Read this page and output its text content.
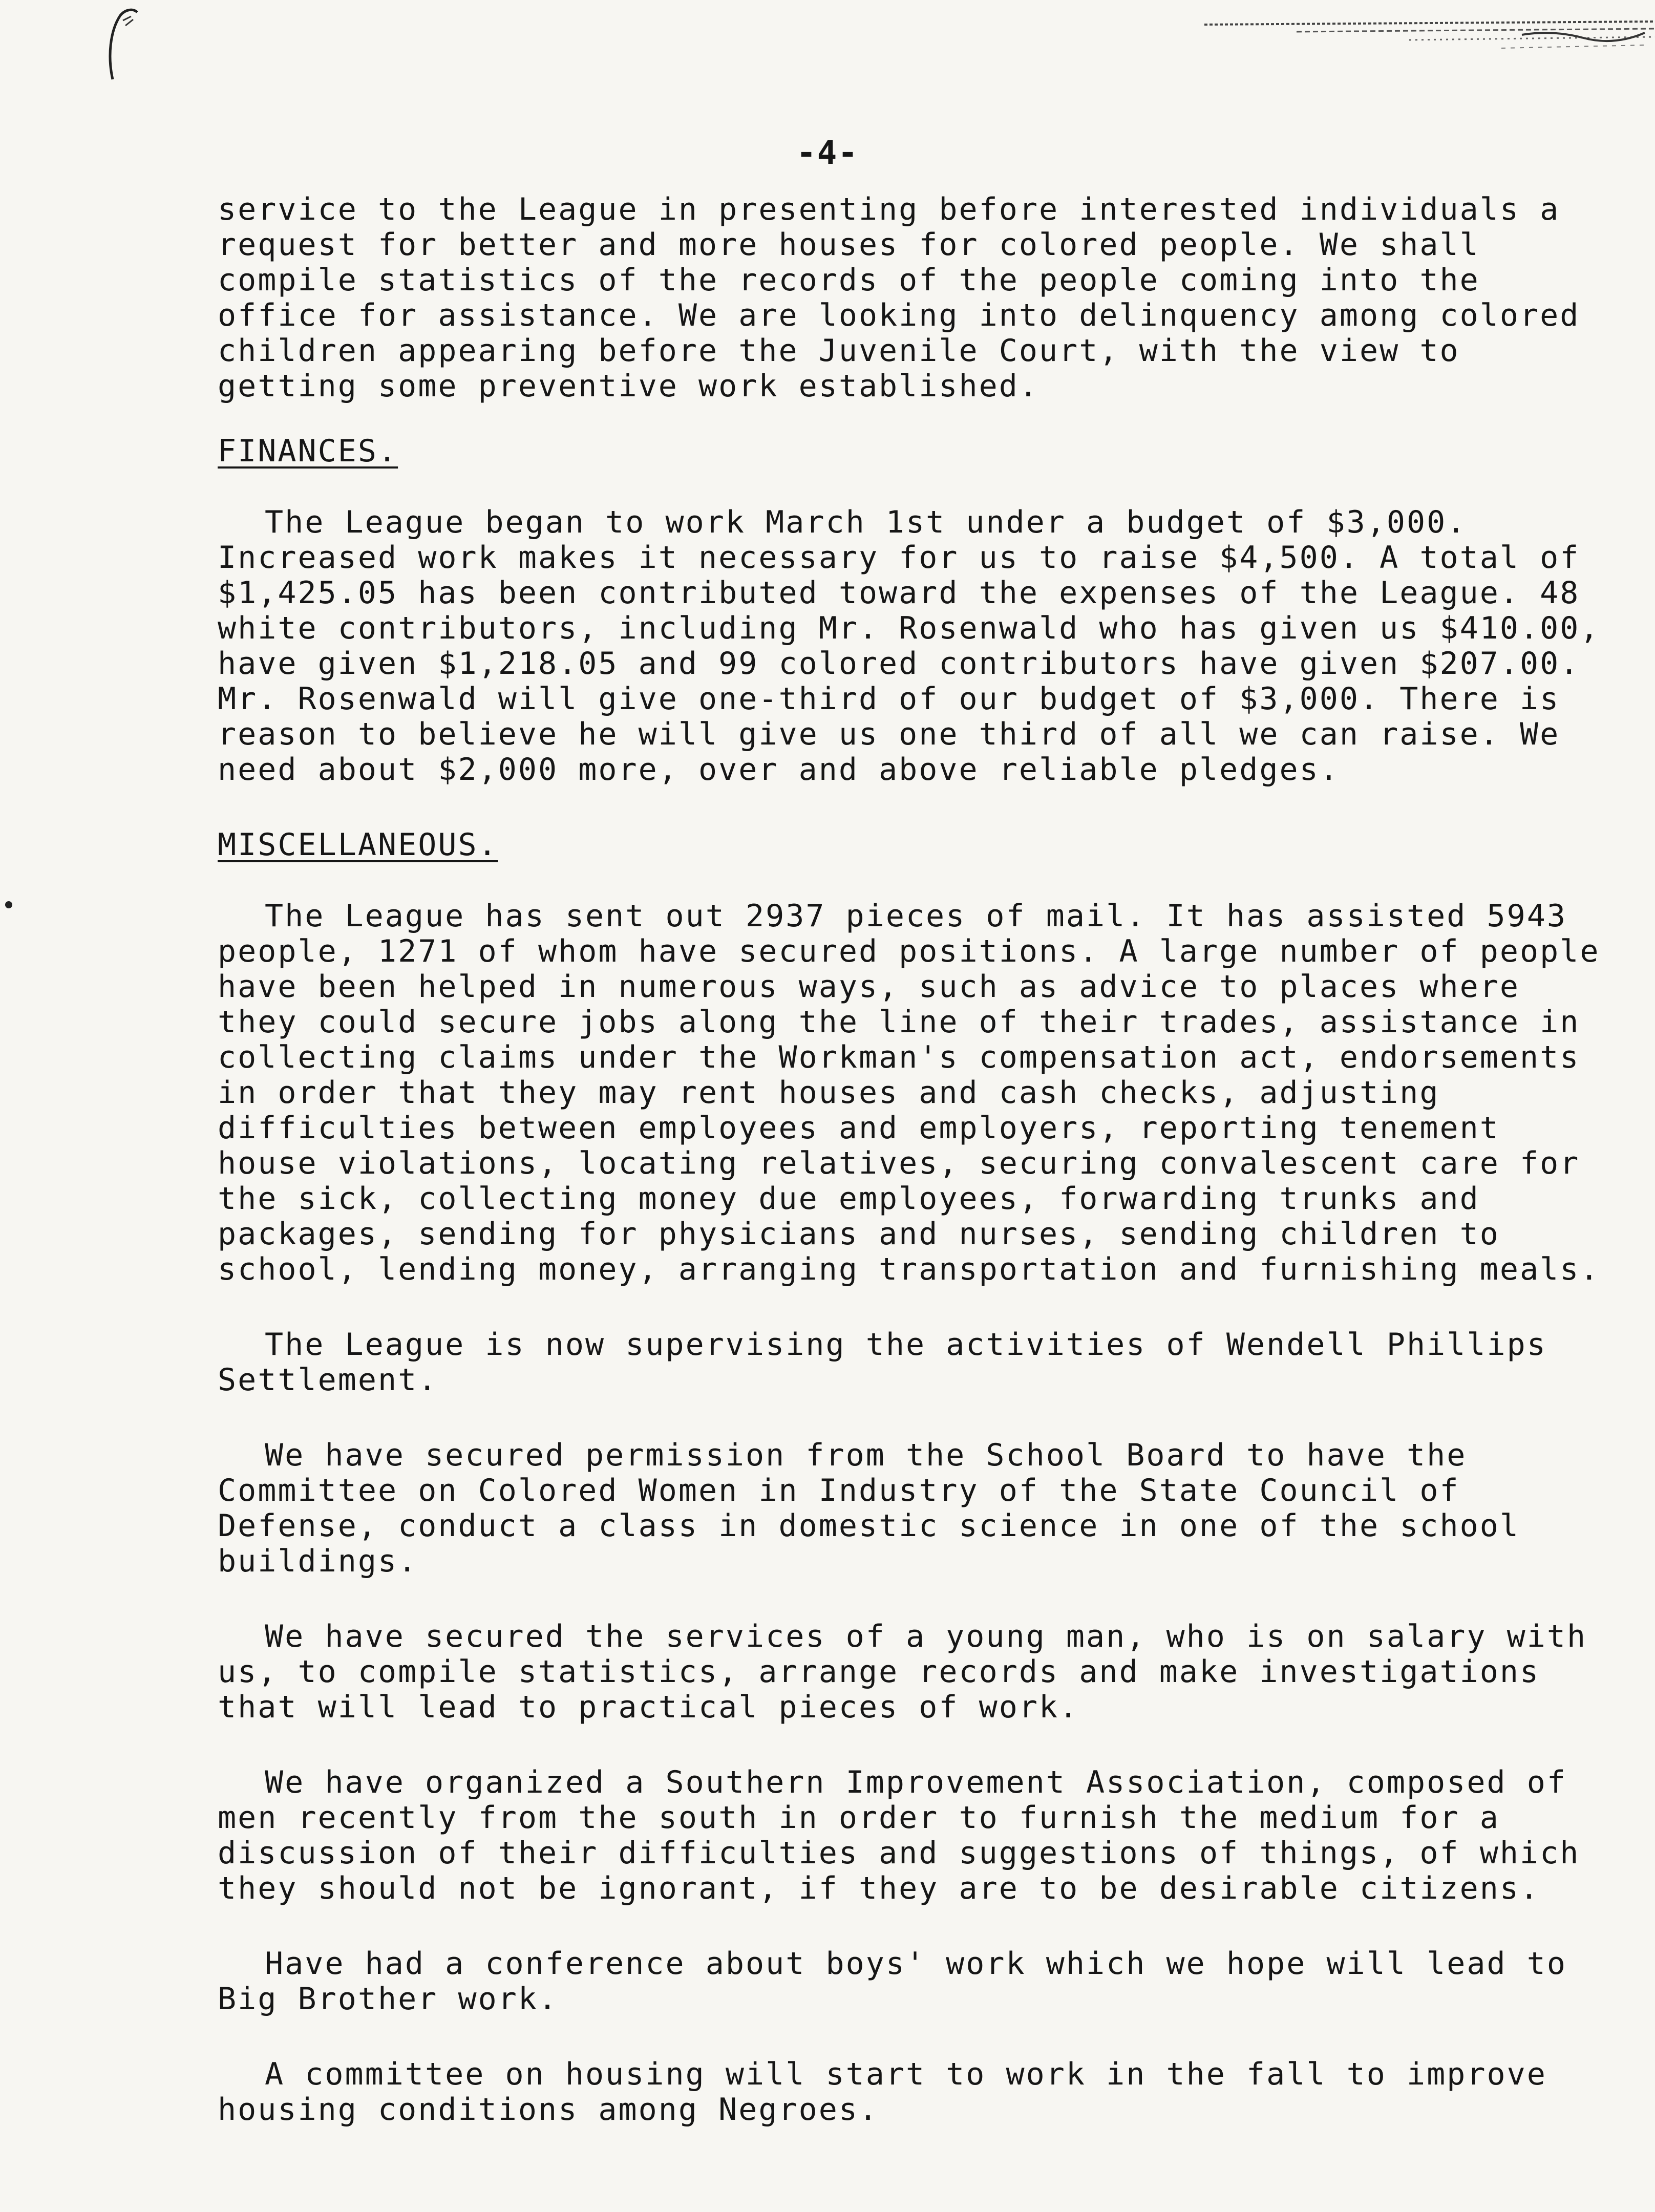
-4-

service to the League in presenting before interested individuals a request for better and more houses for colored people. We shall compile statistics of the records of the people coming into the office for assistance. We are looking into delinquency among colored children appearing before the Juvenile Court, with the view to getting some preventive work established.

FINANCES.

The League began to work March 1st under a budget of $3,000. Increased work makes it necessary for us to raise $4,500. A total of $1,425.05 has been contributed toward the expenses of the League. 48 white contributors, including Mr. Rosenwald who has given us $410.00, have given $1,218.05 and 99 colored contributors have given $207.00. Mr. Rosenwald will give one-third of our budget of $3,000. There is reason to believe he will give us one third of all we can raise. We need about $2,000 more, over and above reliable pledges.

MISCELLANEOUS.

The League has sent out 2937 pieces of mail. It has assisted 5943 people, 1271 of whom have secured positions. A large number of people have been helped in numerous ways, such as advice to places where they could secure jobs along the line of their trades, assistance in collecting claims under the Workman's compensation act, endorsements in order that they may rent houses and cash checks, adjusting difficulties between employees and employers, reporting tenement house violations, locating relatives, securing convalescent care for the sick, collecting money due employees, forwarding trunks and packages, sending for physicians and nurses, sending children to school, lending money, arranging transportation and furnishing meals.

The League is now supervising the activities of Wendell Phillips Settlement.

We have secured permission from the School Board to have the Committee on Colored Women in Industry of the State Council of Defense, conduct a class in domestic science in one of the school buildings.

We have secured the services of a young man, who is on salary with us, to compile statistics, arrange records and make investigations that will lead to practical pieces of work.

We have organized a Southern Improvement Association, composed of men recently from the south in order to furnish the medium for a discussion of their difficulties and suggestions of things, of which they should not be ignorant, if they are to be desirable citizens.

Have had a conference about boys' work which we hope will lead to Big Brother work.

A committee on housing will start to work in the fall to improve housing conditions among Negroes.
